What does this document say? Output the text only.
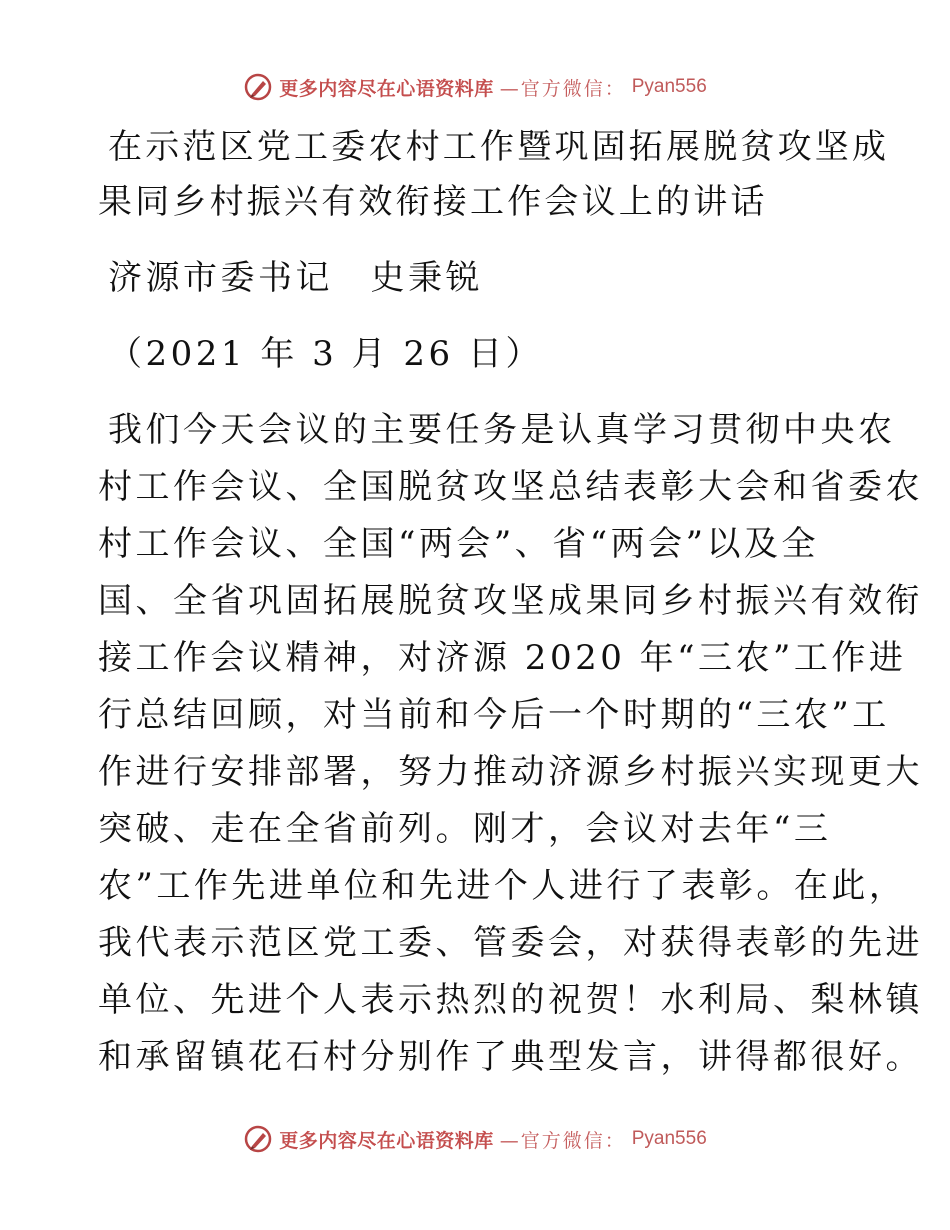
更多内容尽在心语资料库 —官方微信： Pyan556
在示范区党工委农村工作暨巩固拓展脱贫攻坚成
果同乡村振兴有效衔接工作会议上的讲话
济源市委书记　史秉锐
（2021 年 3 月 26 日）
我们今天会议的主要任务是认真学习贯彻中央农
村工作会议、全国脱贫攻坚总结表彰大会和省委农
村工作会议、全国“两会”、省“两会”以及全
国、全省巩固拓展脱贫攻坚成果同乡村振兴有效衔
接工作会议精神，对济源 2020 年“三农”工作进
行总结回顾，对当前和今后一个时期的“三农”工
作进行安排部署，努力推动济源乡村振兴实现更大
突破、走在全省前列。刚才，会议对去年“三
农”工作先进单位和先进个人进行了表彰。在此，
我代表示范区党工委、管委会，对获得表彰的先进
单位、先进个人表示热烈的祝贺！水利局、梨林镇
和承留镇花石村分别作了典型发言，讲得都很好。
更多内容尽在心语资料库 —官方微信： Pyan556
